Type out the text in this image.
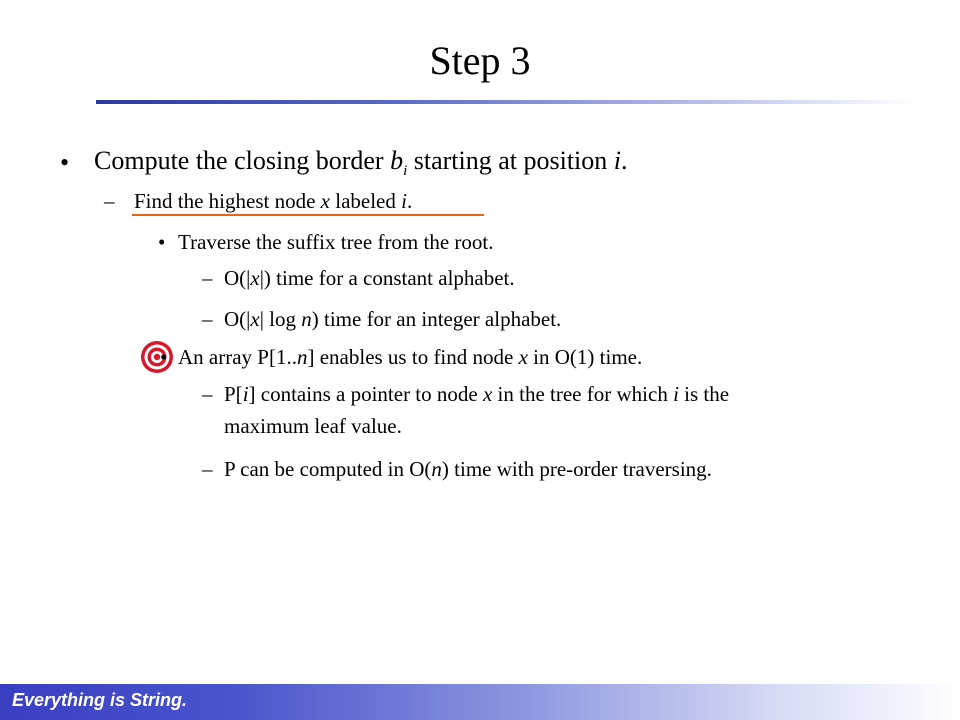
Step 3
• Compute the closing border $b_i$ starting at position i.
– Find the highest node x labeled i.
• Traverse the suffix tree from the root.
– O(|x|) time for a constant alphabet.
– O(|x| log n) time for an integer alphabet.
• An array P[1..n] enables us to find node x in O(1) time.
– P[i] contains a pointer to node x in the tree for which i is the
maximum leaf value.
– P can be computed in O(n) time with pre-order traversing.
Everything is String.
